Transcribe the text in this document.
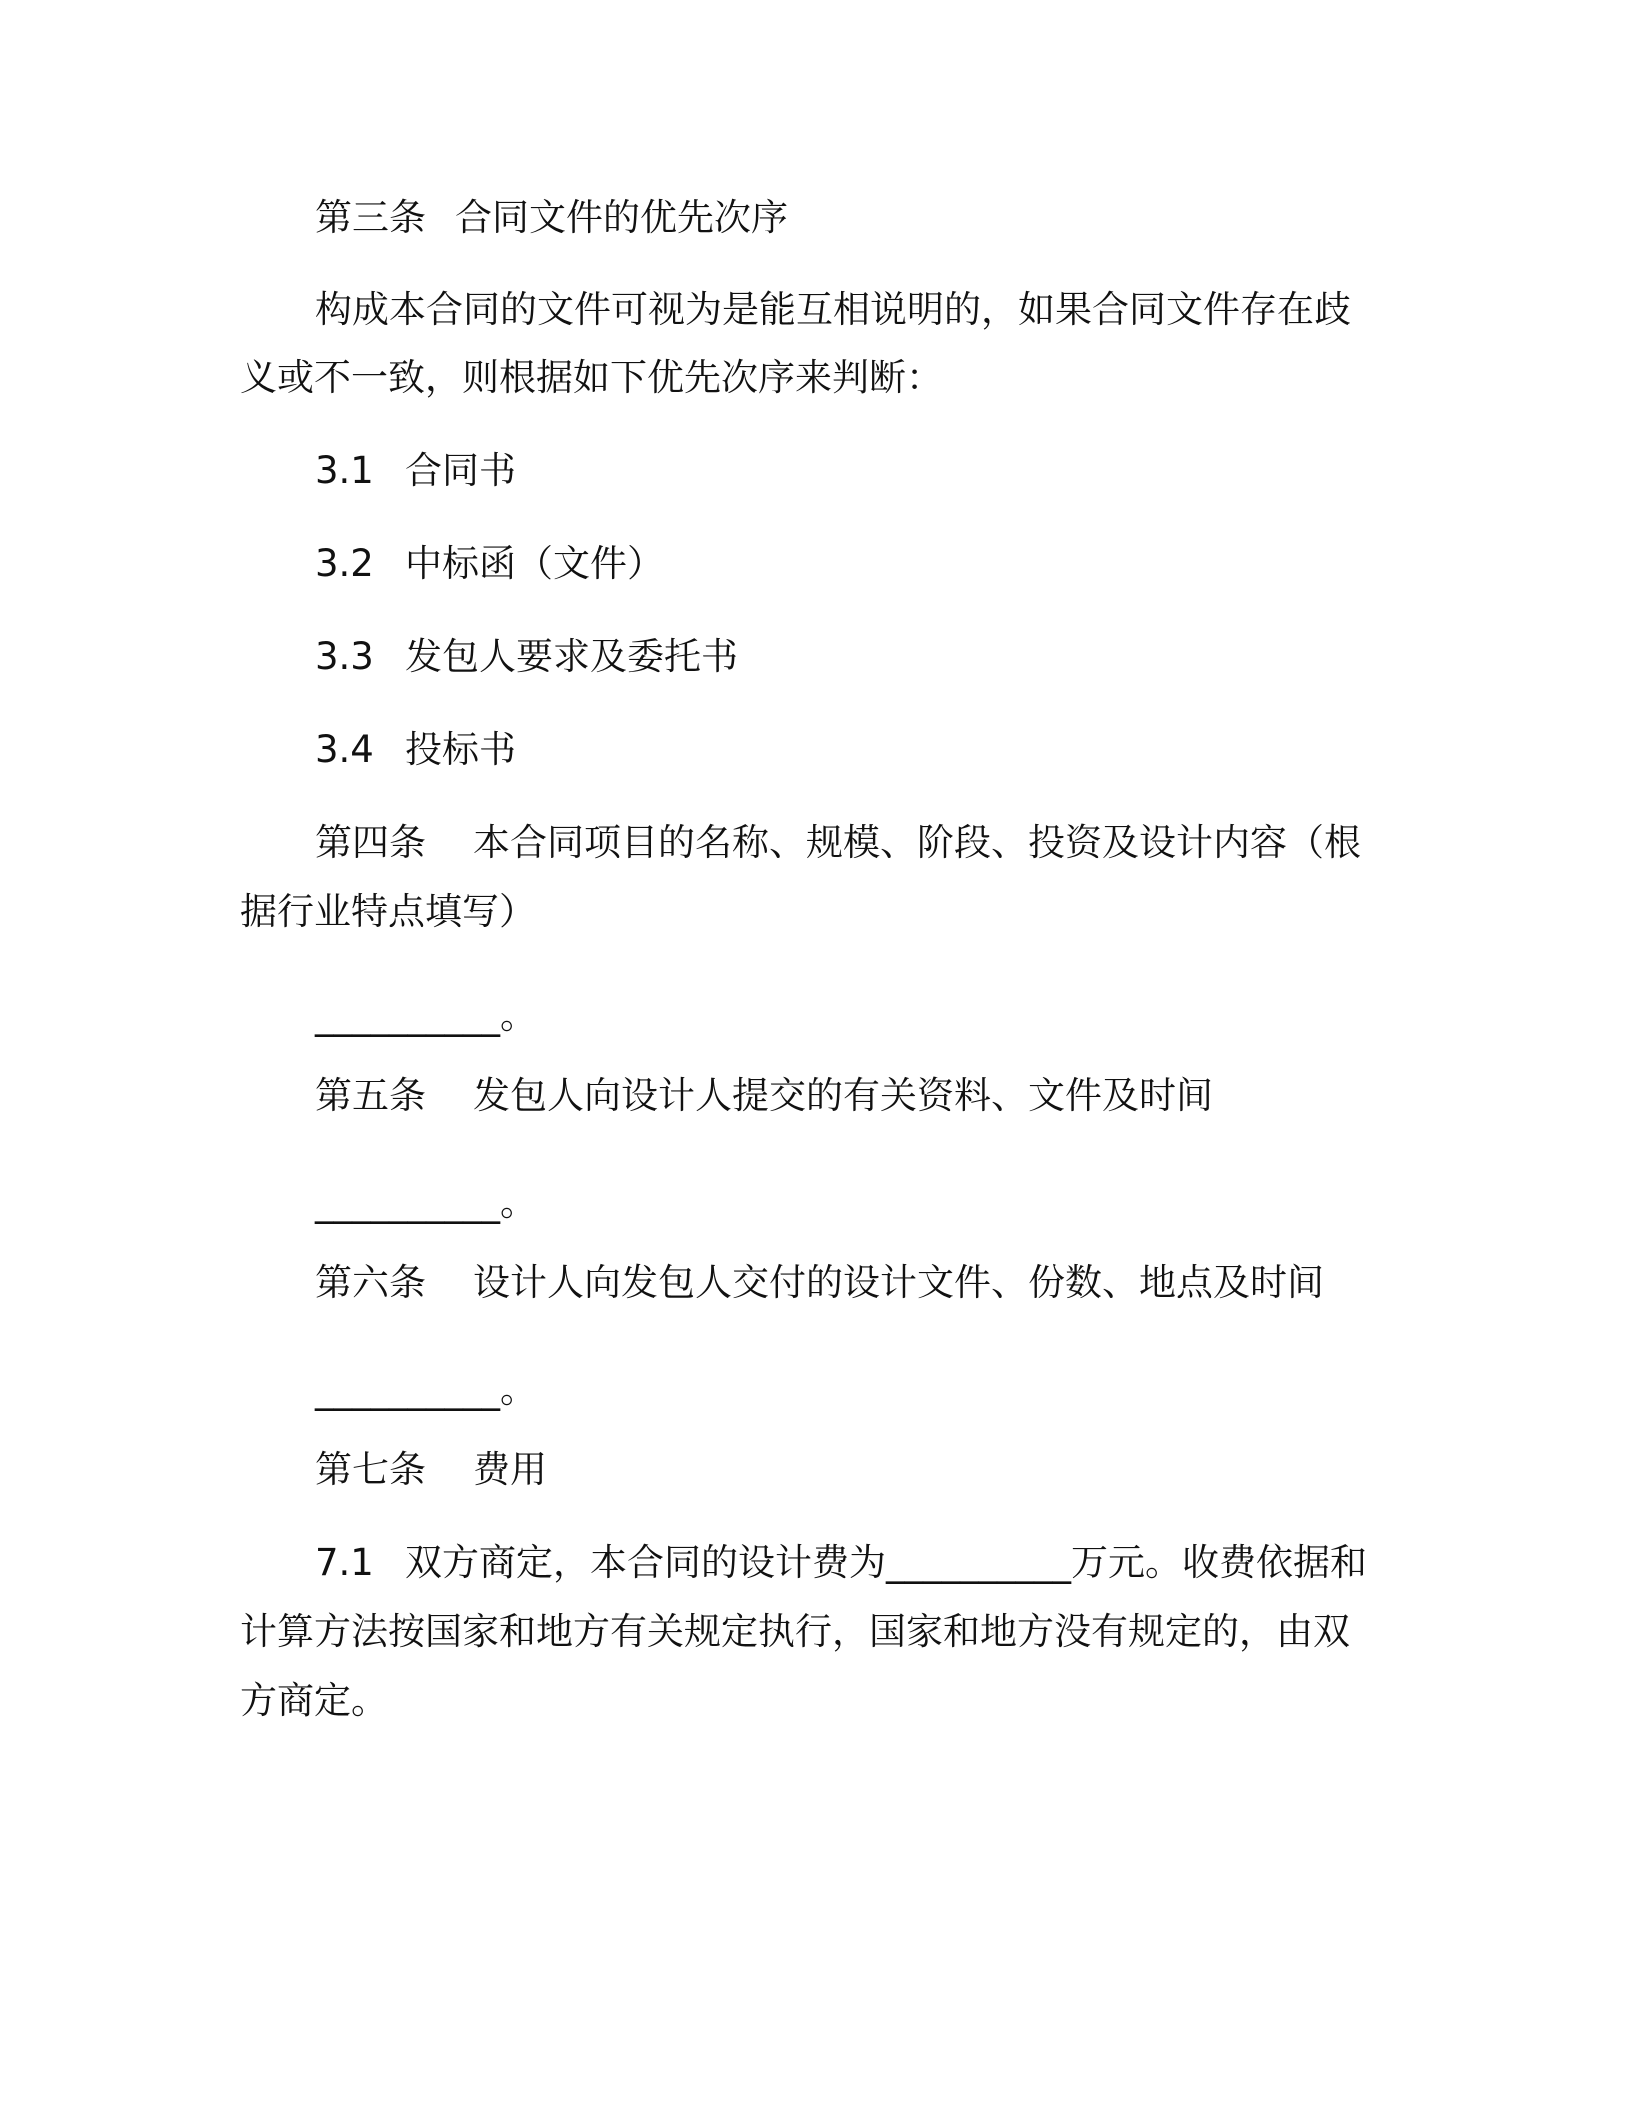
第三条 合同文件的优先次序
构成本合同的文件可视为是能互相说明的，如果合同文件存在歧
义或不一致，则根据如下优先次序来判断：
3.1 合同书
3.2 中标函（文件）
3.3 发包人要求及委托书
3.4 投标书
第四条 本合同项目的名称、规模、阶段、投资及设计内容（根
据行业特点填写）
__________。
第五条 发包人向设计人提交的有关资料、文件及时间
__________。
第六条 设计人向发包人交付的设计文件、份数、地点及时间
__________。
第七条 费用
7.1 双方商定，本合同的设计费为__________万元。收费依据和
计算方法按国家和地方有关规定执行，国家和地方没有规定的，由双
方商定。
